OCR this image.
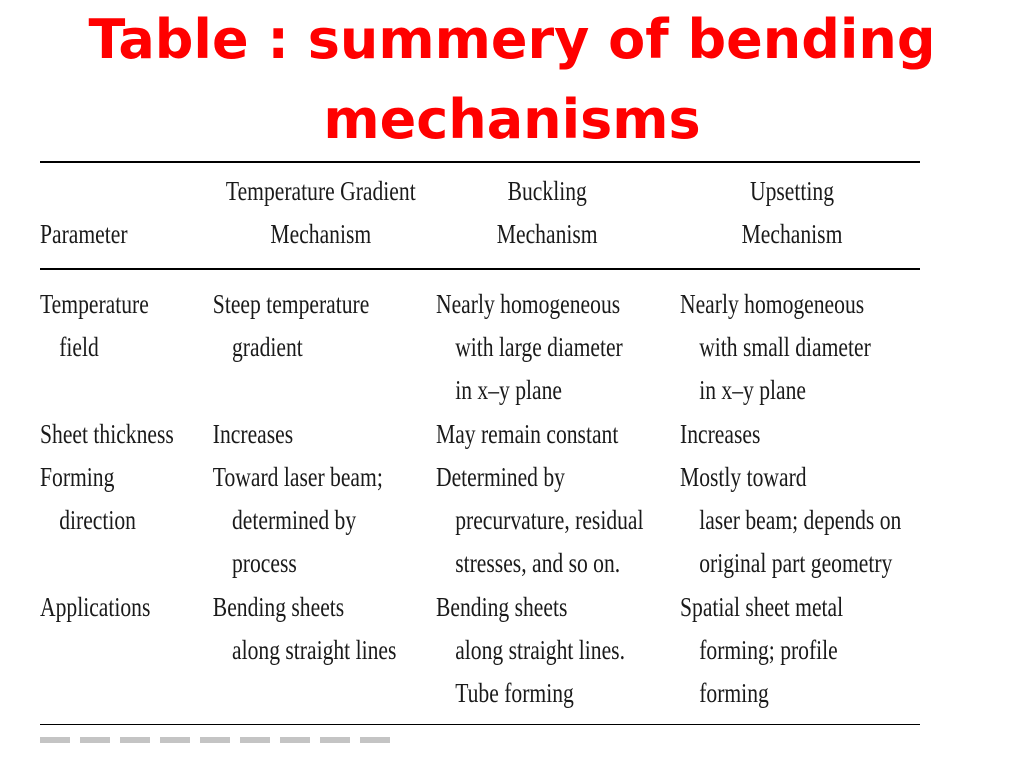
Table : summery of bending
mechanisms
Parameter
Temperature Gradient
Mechanism
Buckling
Mechanism
Upsetting
Mechanism
Temperature
field
Steep temperature
gradient
Nearly homogeneous
with large diameter
in x–y plane
Nearly homogeneous
with small diameter
in x–y plane
Sheet thickness Increases	May remain constant Increases
Forming
direction
Toward laser beam;
determined by
process
Determined by
precurvature, residual
stresses, and so on.
Mostly toward
laser beam; depends on
original part geometry
Applications Bending sheets
along straight lines
Bending sheets
along straight lines.
Tube forming
Spatial sheet metal
forming; profile
forming
